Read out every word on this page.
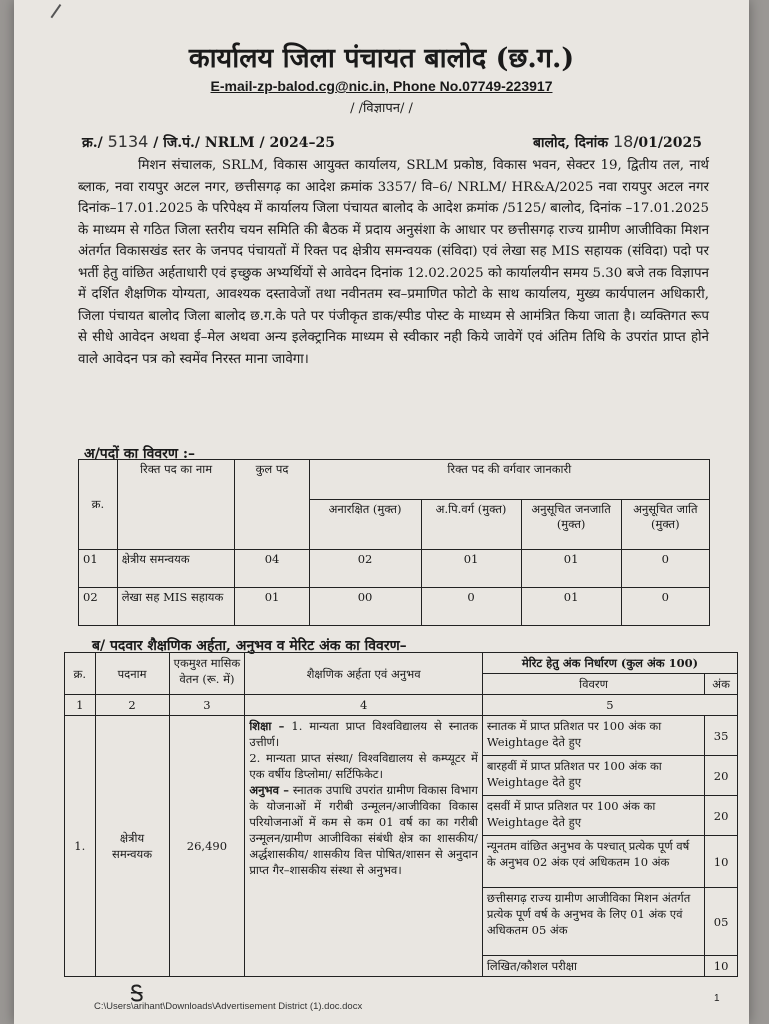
कार्यालय जिला पंचायत बालोद (छ.ग.)
E-mail-zp-balod.cg@nic.in, Phone No.07749-223917
/ /विज्ञापन/ /
क्र./ 5134 / जि.पं./ NRLM / 2024–25	बालोद, दिनांक 18/01/2025
मिशन संचालक, SRLM, विकास आयुक्त कार्यालय, SRLM प्रकोष्ठ, विकास भवन, सेक्टर 19, द्वितीय तल, नार्थ ब्लाक, नवा रायपुर अटल नगर, छत्तीसगढ़ का आदेश क्रमांक 3357/ वि–6/ NRLM/ HR&A/2025 नवा रायपुर अटल नगर दिनांक–17.01.2025 के परिपेक्ष्य में कार्यालय जिला पंचायत बालोद के आदेश क्रमांक /5125/ बालोद, दिनांक –17.01.2025 के माध्यम से गठित जिला स्तरीय चयन समिति की बैठक में प्रदाय अनुसंशा के आधार पर छत्तीसगढ़ राज्य ग्रामीण आजीविका मिशन अंतर्गत विकासखंड स्तर के जनपद पंचायतों में रिक्त पद क्षेत्रीय समन्वयक (संविदा) एवं लेखा सह MIS सहायक (संविदा) पदो पर भर्ती हेतु वांछित अर्हताधारी एवं इच्छुक अभ्यर्थियों से आवेदन दिनांक 12.02.2025 को कार्यालयीन समय 5.30 बजे तक विज्ञापन में दर्शित शैक्षणिक योग्यता, आवश्यक दस्तावेजों तथा नवीनतम स्व–प्रमाणित फोटो के साथ कार्यालय, मुख्य कार्यपालन अधिकारी, जिला पंचायत बालोद जिला बालोद छ.ग.के पते पर पंजीकृत डाक/स्पीड पोस्ट के माध्यम से आमंत्रित किया जाता है। व्यक्तिगत रूप से सीधे आवेदन अथवा ई–मेल अथवा अन्य इलेक्ट्रानिक माध्यम से स्वीकार नही किये जावेगें एवं अंतिम तिथि के उपरांत प्राप्त होने वाले आवेदन पत्र को स्वमेंव निरस्त माना जावेगा।
अ/पदों का विवरण :–
क्र.	रिक्त पद का नाम	कुल पद	रिक्त पद की वर्गवार जानकारी			
			अनारक्षित (मुक्त)	अ.पि.वर्ग (मुक्त)	अनुसूचित जनजाति (मुक्त)	अनुसूचित जाति (मुक्त)
01	क्षेत्रीय समन्वयक	04	02	01	01	0
02	लेखा सह MIS सहायक	01	00	0	01	0
ब/ पदवार शैक्षणिक अर्हता, अनुभव व मेरिट अंक का विवरण–
क्र.	पदनाम	एकमुश्त मासिक वेतन (रू. में)	शैक्षणिक अर्हता एवं अनुभव	मेरिट हेतु अंक निर्धारण (कुल अंक 100)	
				विवरण	अंक
1	2	3	4	5	
1.	क्षेत्रीय समन्वयक	26,490	शिक्षा – 1. मान्यता प्राप्त विश्वविद्यालय से स्नातक उत्तीर्ण।
2. मान्यता प्राप्त संस्था/ विश्वविद्यालय से कम्प्यूटर में एक वर्षीय डिप्लोमा/ सर्टिफिकेट।
अनुभव – स्नातक उपाधि उपरांत ग्रामीण विकास विभाग के योजनाओं में गरीबी उन्मूलन/आजीविका विकास परियोजनाओं में कम से कम 01 वर्ष का का गरीबी उन्मूलन/ग्रामीण आजीविका संबंधी क्षेत्र का शासकीय/अर्द्धशासकीय/ शासकीय वित्त पोषित/शासन से अनुदान प्राप्त गैर–शासकीय संस्था से अनुभव।	स्नातक में प्राप्त प्रतिशत पर 100 अंक का Weightage देते हुए	35
				बारहवीं में प्राप्त प्रतिशत पर 100 अंक का Weightage देते हुए	20
				दसवीं में प्राप्त प्रतिशत पर 100 अंक का Weightage देते हुए	20
				न्यूनतम वांछित अनुभव के पश्चात् प्रत्येक पूर्ण वर्ष के अनुभव 02 अंक एवं अधिकतम 10 अंक	10
				छत्तीसगढ़ राज्य ग्रामीण आजीविका मिशन अंतर्गत प्रत्येक पूर्ण वर्ष के अनुभव के लिए 01 अंक एवं अधिकतम 05 अंक	05
				लिखित/कौशल परीक्षा	10
Ꭶ
C:\Users\arihant\Downloads\Advertisement District (1).doc.docx
1
